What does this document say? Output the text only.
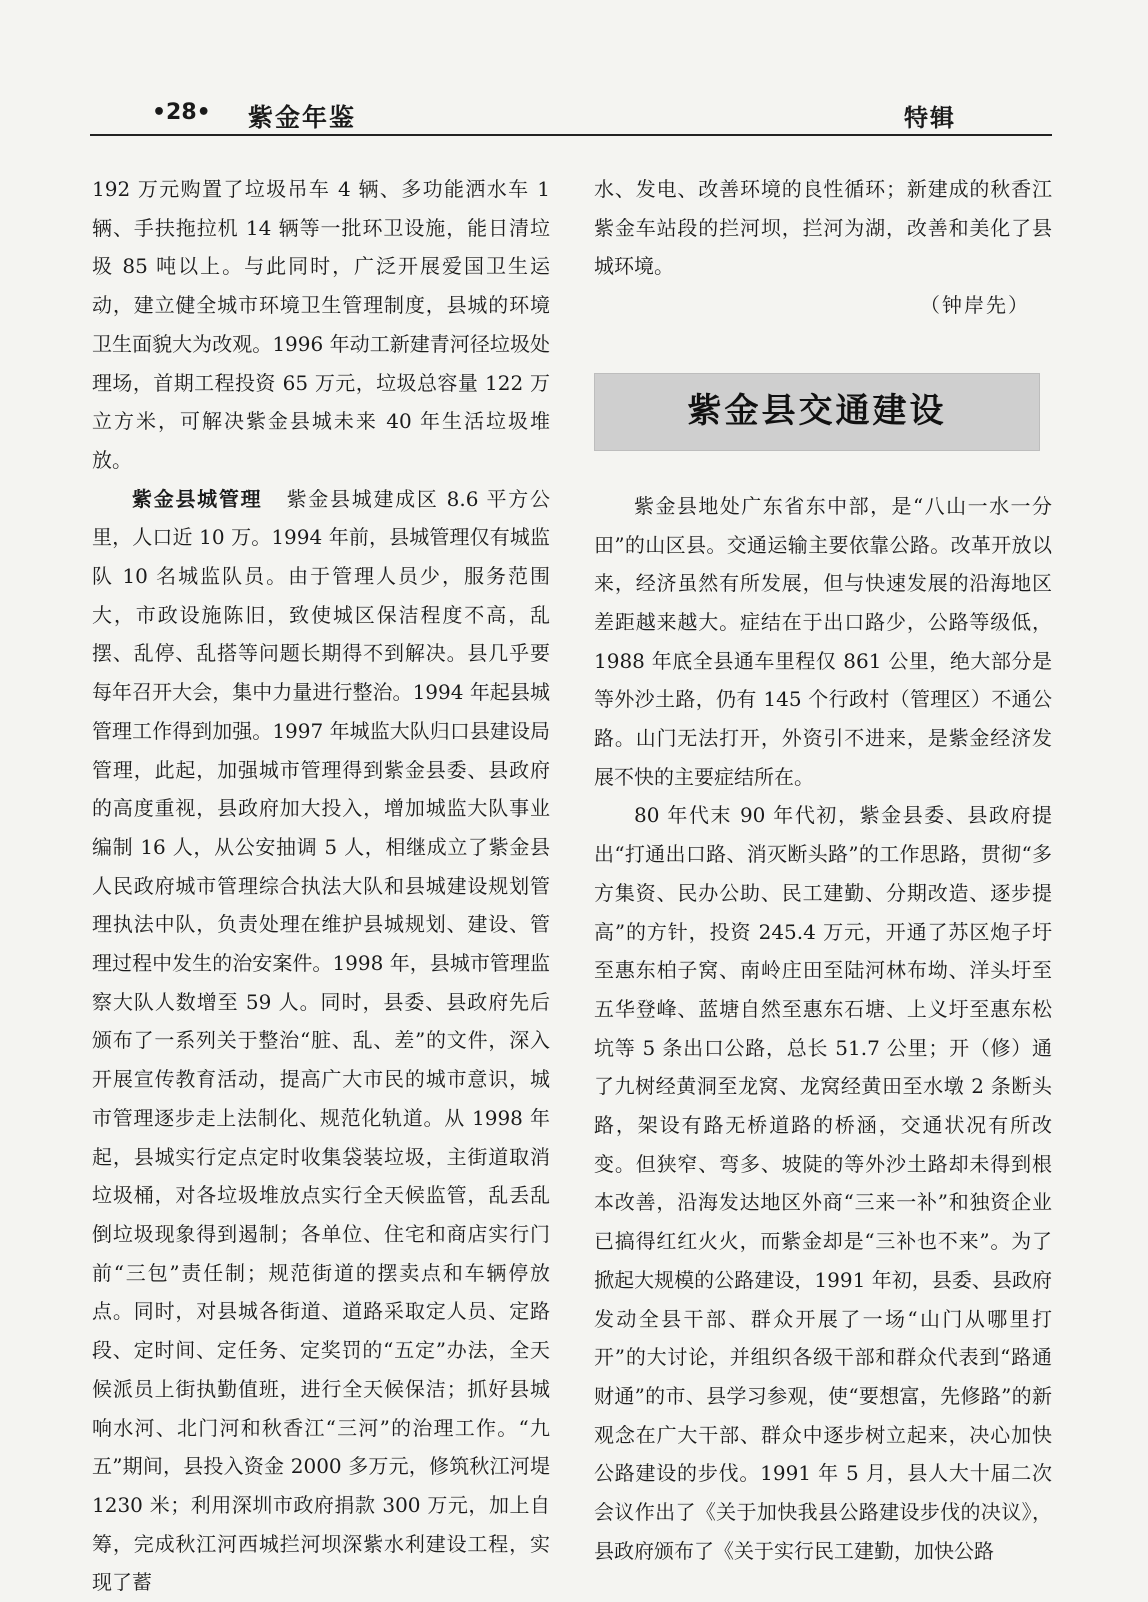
•28• 紫金年鉴	特辑

192 万元购置了垃圾吊车 4 辆、多功能洒水车 1 辆、手扶拖拉机 14 辆等一批环卫设施，能日清垃圾 85 吨以上。与此同时，广泛开展爱国卫生运动，建立健全城市环境卫生管理制度，县城的环境卫生面貌大为改观。1996 年动工新建青河径垃圾处理场，首期工程投资 65 万元，垃圾总容量 122 万立方米，可解决紫金县城未来 40 年生活垃圾堆放。

紫金县城管理 紫金县城建成区 8.6 平方公里，人口近 10 万。1994 年前，县城管理仅有城监队 10 名城监队员。由于管理人员少，服务范围大，市政设施陈旧，致使城区保洁程度不高，乱摆、乱停、乱搭等问题长期得不到解决。县几乎要每年召开大会，集中力量进行整治。1994 年起县城管理工作得到加强。1997 年城监大队归口县建设局管理，此起，加强城市管理得到紫金县委、县政府的高度重视，县政府加大投入，增加城监大队事业编制 16 人，从公安抽调 5 人，相继成立了紫金县人民政府城市管理综合执法大队和县城建设规划管理执法中队，负责处理在维护县城规划、建设、管理过程中发生的治安案件。1998 年，县城市管理监察大队人数增至 59 人。同时，县委、县政府先后颁布了一系列关于整治“脏、乱、差”的文件，深入开展宣传教育活动，提高广大市民的城市意识，城市管理逐步走上法制化、规范化轨道。从 1998 年起，县城实行定点定时收集袋装垃圾，主街道取消垃圾桶，对各垃圾堆放点实行全天候监管，乱丢乱倒垃圾现象得到遏制；各单位、住宅和商店实行门前“三包”责任制；规范街道的摆卖点和车辆停放点。同时，对县城各街道、道路采取定人员、定路段、定时间、定任务、定奖罚的“五定”办法，全天候派员上街执勤值班，进行全天候保洁；抓好县城响水河、北门河和秋香江“三河”的治理工作。“九五”期间，县投入资金 2000 多万元，修筑秋江河堤 1230 米；利用深圳市政府捐款 300 万元，加上自筹，完成秋江河西城拦河坝深紫水利建设工程，实现了蓄

水、发电、改善环境的良性循环；新建成的秋香江紫金车站段的拦河坝，拦河为湖，改善和美化了县城环境。

（钟岸先）

紫金县交通建设

紫金县地处广东省东中部，是“八山一水一分田”的山区县。交通运输主要依靠公路。改革开放以来，经济虽然有所发展，但与快速发展的沿海地区差距越来越大。症结在于出口路少，公路等级低，1988 年底全县通车里程仅 861 公里，绝大部分是等外沙土路，仍有 145 个行政村（管理区）不通公路。山门无法打开，外资引不进来，是紫金经济发展不快的主要症结所在。

80 年代末 90 年代初，紫金县委、县政府提出“打通出口路、消灭断头路”的工作思路，贯彻“多方集资、民办公助、民工建勤、分期改造、逐步提高”的方针，投资 245.4 万元，开通了苏区炮子圩至惠东柏子窝、南岭庄田至陆河林布坳、洋头圩至五华登峰、蓝塘自然至惠东石塘、上义圩至惠东松坑等 5 条出口公路，总长 51.7 公里；开（修）通了九树经黄洞至龙窝、龙窝经黄田至水墩 2 条断头路，架设有路无桥道路的桥涵，交通状况有所改变。但狭窄、弯多、坡陡的等外沙土路却未得到根本改善，沿海发达地区外商“三来一补”和独资企业已搞得红红火火，而紫金却是“三补也不来”。为了掀起大规模的公路建设，1991 年初，县委、县政府发动全县干部、群众开展了一场“山门从哪里打开”的大讨论，并组织各级干部和群众代表到“路通财通”的市、县学习参观，使“要想富，先修路”的新观念在广大干部、群众中逐步树立起来，决心加快公路建设的步伐。1991 年 5 月，县人大十届二次会议作出了《关于加快我县公路建设步伐的决议》，县政府颁布了《关于实行民工建勤，加快公路
